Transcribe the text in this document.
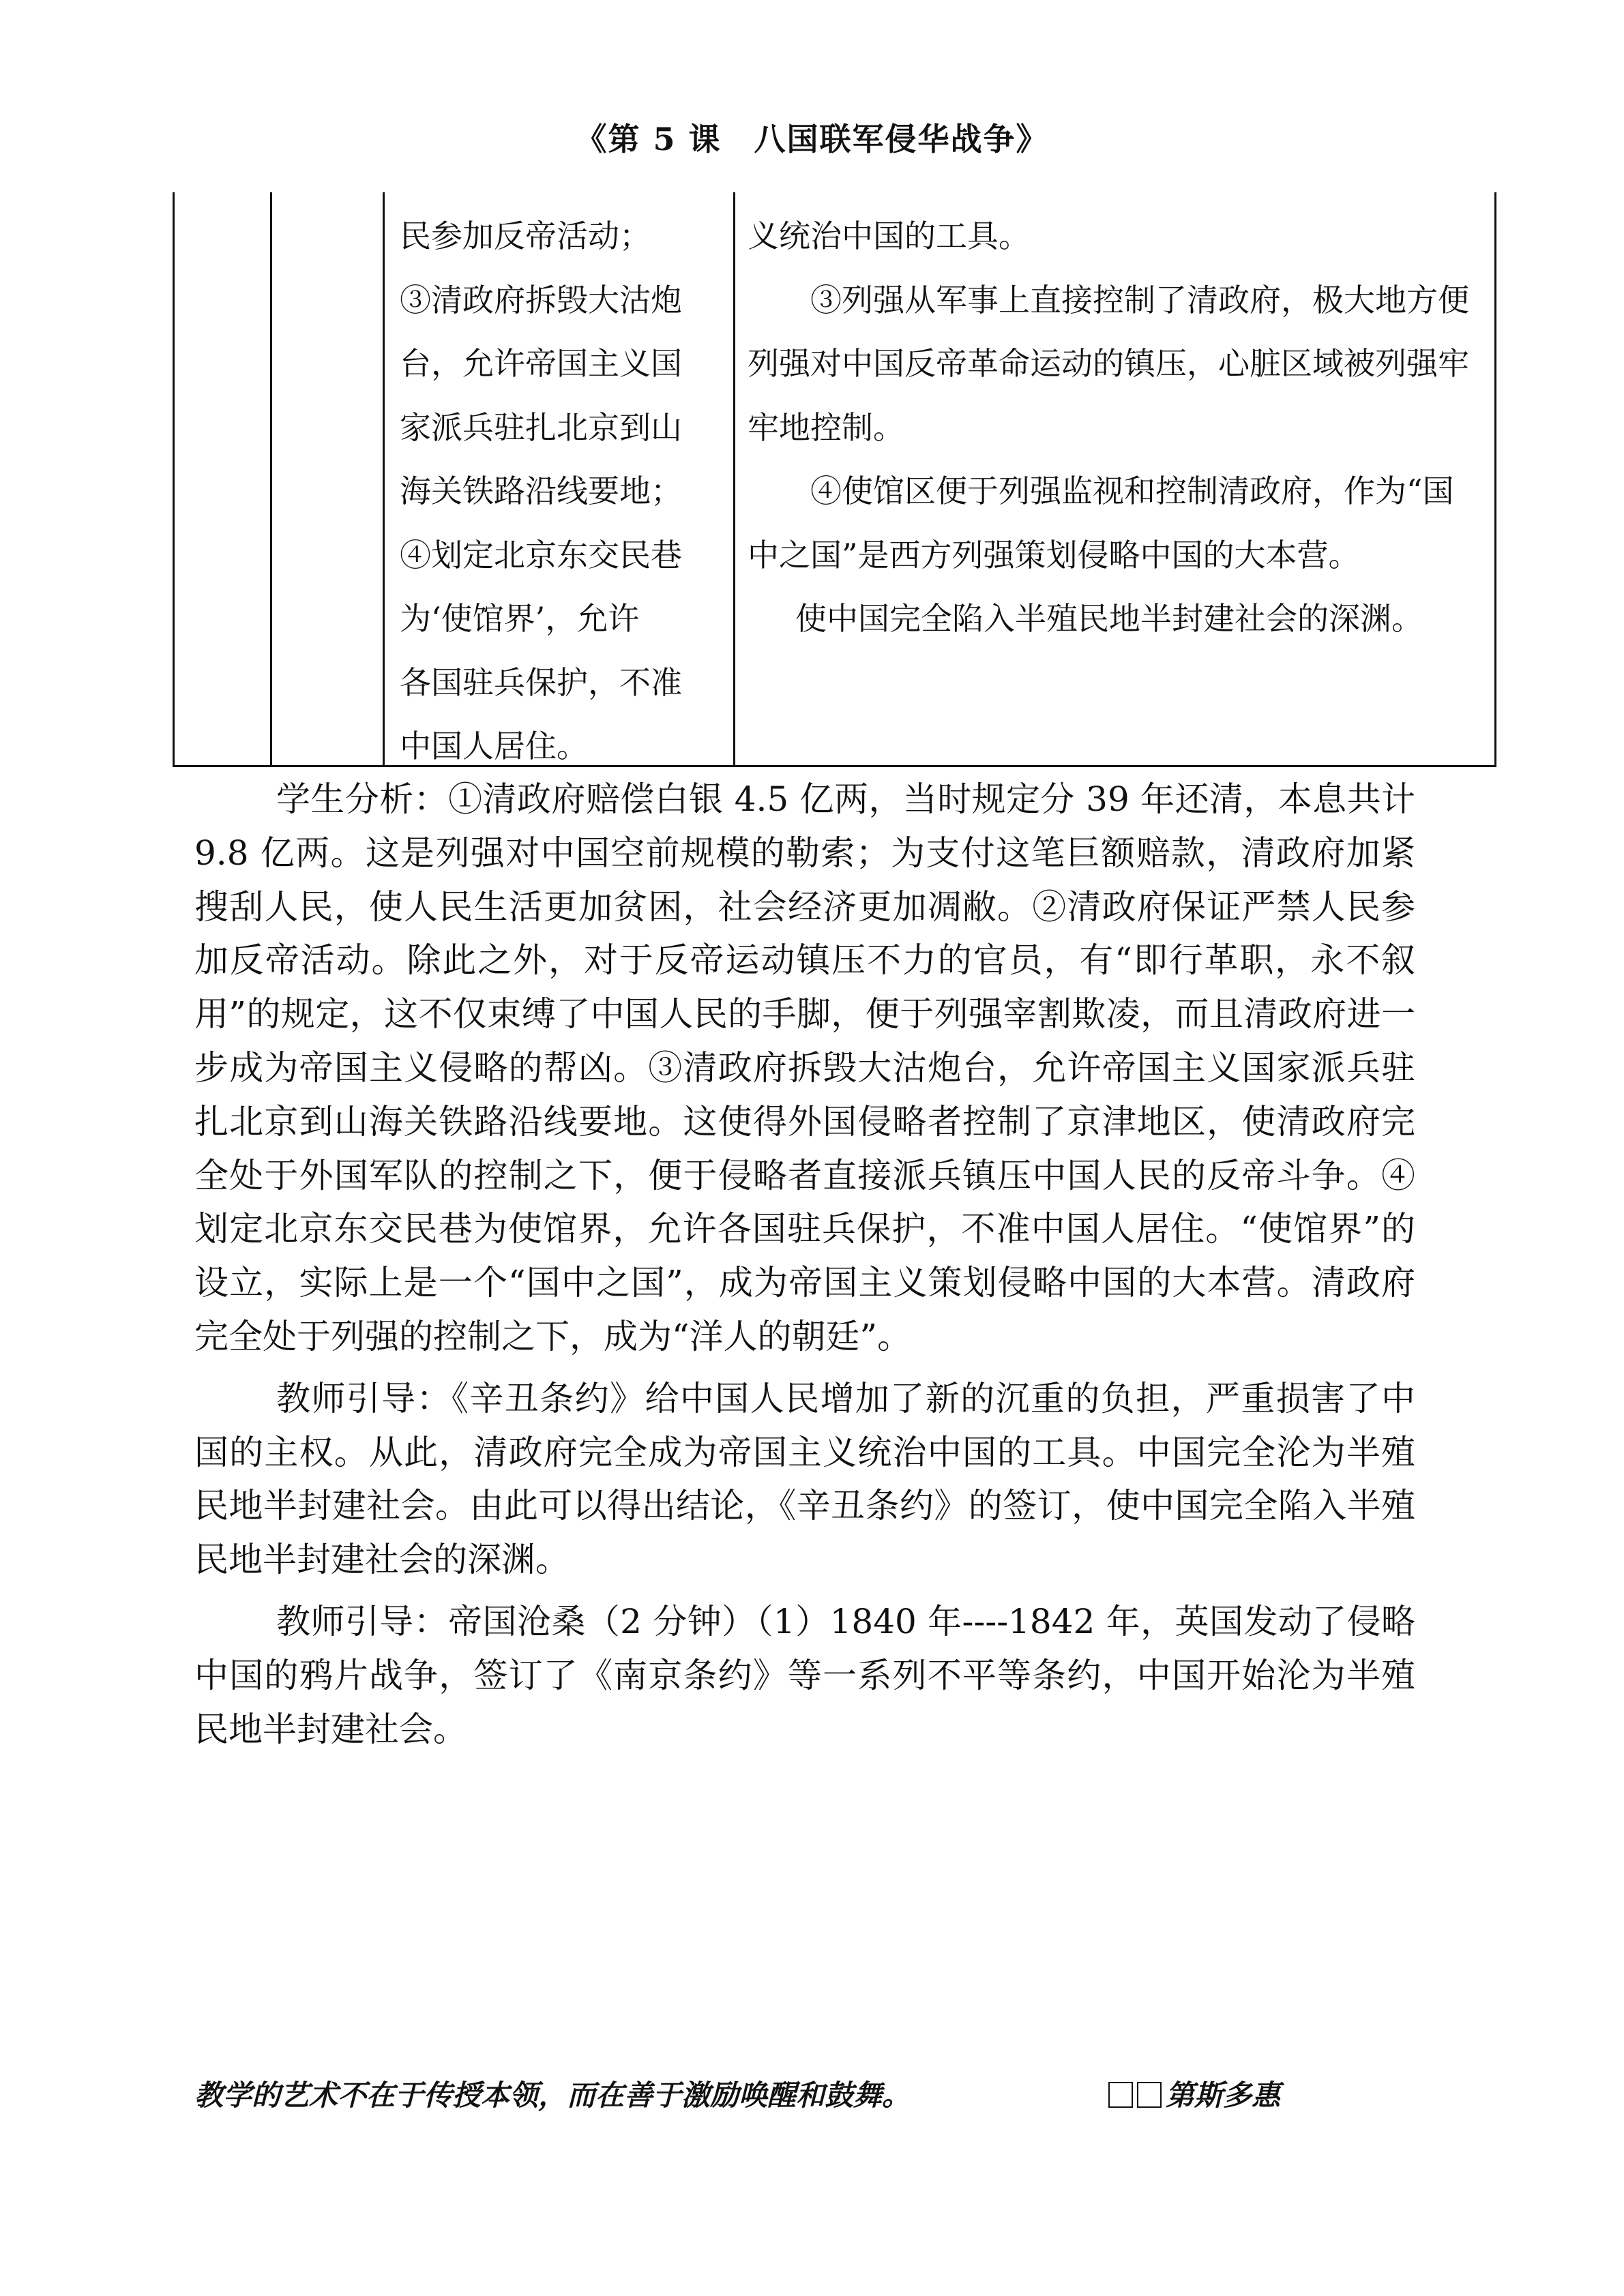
《第 5 课　八国联军侵华战争》
民参加反帝活动；
③清政府拆毁大沽炮
台，允许帝国主义国
家派兵驻扎北京到山
海关铁路沿线要地；
④划定北京东交民巷
为‘使馆界’，允许
各国驻兵保护，不准
中国人居住。

义统治中国的工具。

③列强从军事上直接控制了清政府，极大地方便列强对中国反帝革命运动的镇压，心脏区域被列强牢牢地控制。

④使馆区便于列强监视和控制清政府，作为“国中之国”是西方列强策划侵略中国的大本营。

使中国完全陷入半殖民地半封建社会的深渊。

学生分析：①清政府赔偿白银 4.5 亿两，当时规定分 39 年还清，本息共计 9.8 亿两。这是列强对中国空前规模的勒索；为支付这笔巨额赔款，清政府加紧搜刮人民，使人民生活更加贫困，社会经济更加凋敝。②清政府保证严禁人民参加反帝活动。除此之外，对于反帝运动镇压不力的官员，有“即行革职，永不叙用”的规定，这不仅束缚了中国人民的手脚，便于列强宰割欺凌，而且清政府进一步成为帝国主义侵略的帮凶。③清政府拆毁大沽炮台，允许帝国主义国家派兵驻扎北京到山海关铁路沿线要地。这使得外国侵略者控制了京津地区，使清政府完全处于外国军队的控制之下，便于侵略者直接派兵镇压中国人民的反帝斗争。④划定北京东交民巷为使馆界，允许各国驻兵保护，不准中国人居住。“使馆界”的设立，实际上是一个“国中之国”，成为帝国主义策划侵略中国的大本营。清政府完全处于列强的控制之下，成为“洋人的朝廷”。

教师引导：《辛丑条约》给中国人民增加了新的沉重的负担，严重损害了中国的主权。从此，清政府完全成为帝国主义统治中国的工具。中国完全沦为半殖民地半封建社会。由此可以得出结论，《辛丑条约》的签订，使中国完全陷入半殖民地半封建社会的深渊。

教师引导：帝国沧桑（2 分钟）（1）1840 年----1842 年，英国发动了侵略中国的鸦片战争，签订了《南京条约》等一系列不平等条约，中国开始沦为半殖民地半封建社会。

教学的艺术不在于传授本领，而在善于激励唤醒和鼓舞。	第斯多惠
